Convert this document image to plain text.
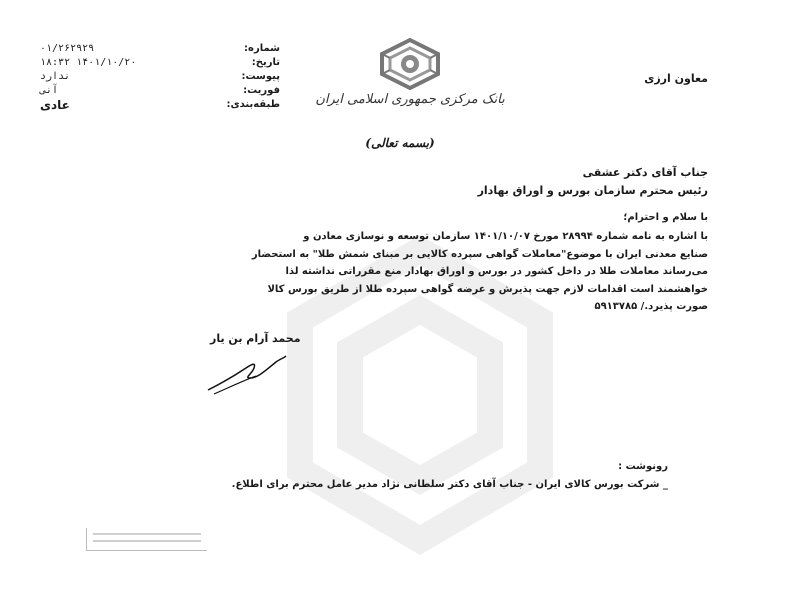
شماره:
۰۱/۲۶۲۹۲۹
تاریخ:
۱۴۰۱/۱۰/۲۰ ۱۸:۳۲
پیوست:
ندارد
فوریت:
آنی
طبقه‌بندی:
عادی	بانک مرکزی جمهوری اسلامی ایران
معاون ارزی
(بسمه تعالی)
جناب آقای دکتر عشقی
رئیس محترم سازمان بورس و اوراق بهادار
با سلام و احترام؛
با اشاره به نامه شماره ۲۸۹۹۴ مورخ ۱۴۰۱/۱۰/۰۷ سازمان توسعه و نوسازی معادن و
صنایع معدنی ایران با موضوع"معاملات گواهی سپرده کالایی بر مبنای شمش طلا" به استحضار
می‌رساند معاملات طلا در داخل کشور در بورس و اوراق بهادار منع مقرراتی نداشته لذا
خواهشمند است اقدامات لازم جهت پذیرش و عرضه گواهی سپرده طلا از طریق بورس کالا
صورت پذیرد./ ۵۹۱۳۷۸۵
محمد آرام بن یار
رونوشت :
_ شرکت بورس کالای ایران - جناب آقای دکتر سلطانی نژاد مدیر عامل محترم برای اطلاع.
